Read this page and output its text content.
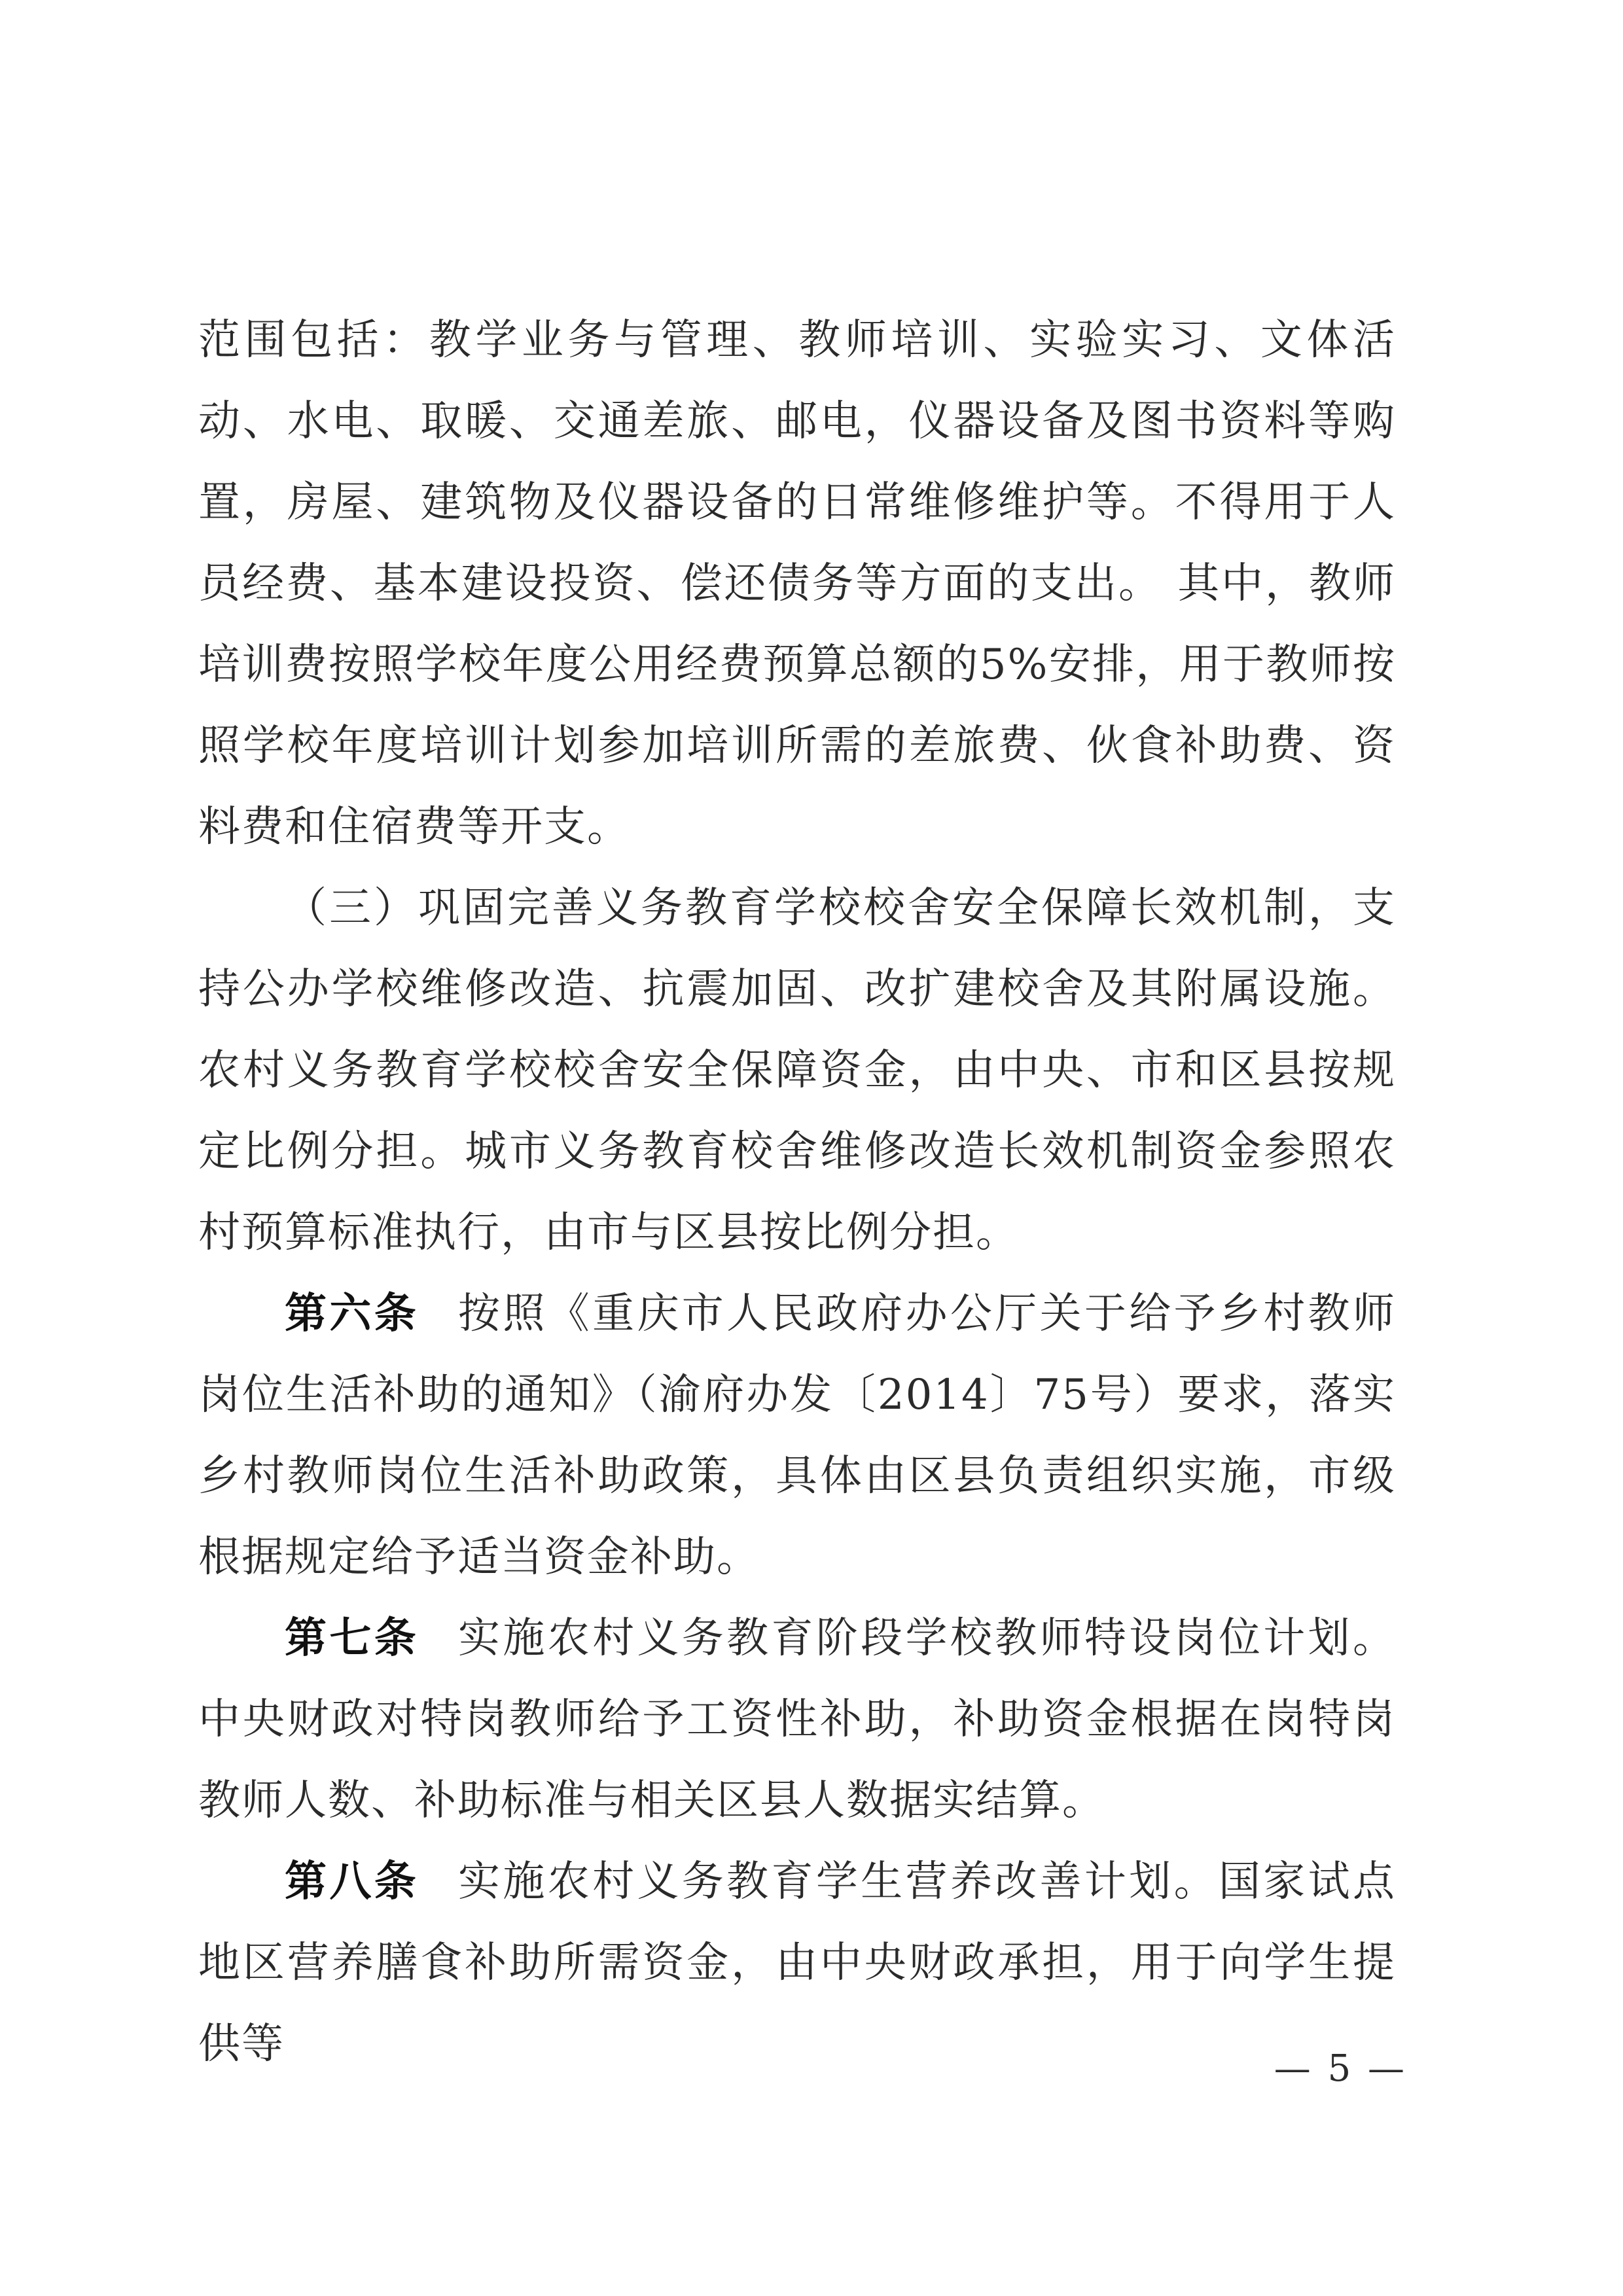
范围包括：教学业务与管理、教师培训、实验实习、文体活动、水电、取暖、交通差旅、邮电，仪器设备及图书资料等购置，房屋、建筑物及仪器设备的日常维修维护等。不得用于人员经费、基本建设投资、偿还债务等方面的支出。 其中，教师培训费按照学校年度公用经费预算总额的5%安排，用于教师按照学校年度培训计划参加培训所需的差旅费、伙食补助费、资料费和住宿费等开支。

（三）巩固完善义务教育学校校舍安全保障长效机制，支持公办学校维修改造、抗震加固、改扩建校舍及其附属设施。农村义务教育学校校舍安全保障资金，由中央、市和区县按规定比例分担。城市义务教育校舍维修改造长效机制资金参照农村预算标准执行，由市与区县按比例分担。

第六条 按照《重庆市人民政府办公厅关于给予乡村教师岗位生活补助的通知》（渝府办发〔2014〕75号）要求，落实乡村教师岗位生活补助政策，具体由区县负责组织实施，市级根据规定给予适当资金补助。

第七条 实施农村义务教育阶段学校教师特设岗位计划。中央财政对特岗教师给予工资性补助，补助资金根据在岗特岗教师人数、补助标准与相关区县人数据实结算。

第八条 实施农村义务教育学生营养改善计划。国家试点地区营养膳食补助所需资金，由中央财政承担，用于向学生提供等

— 5 —
